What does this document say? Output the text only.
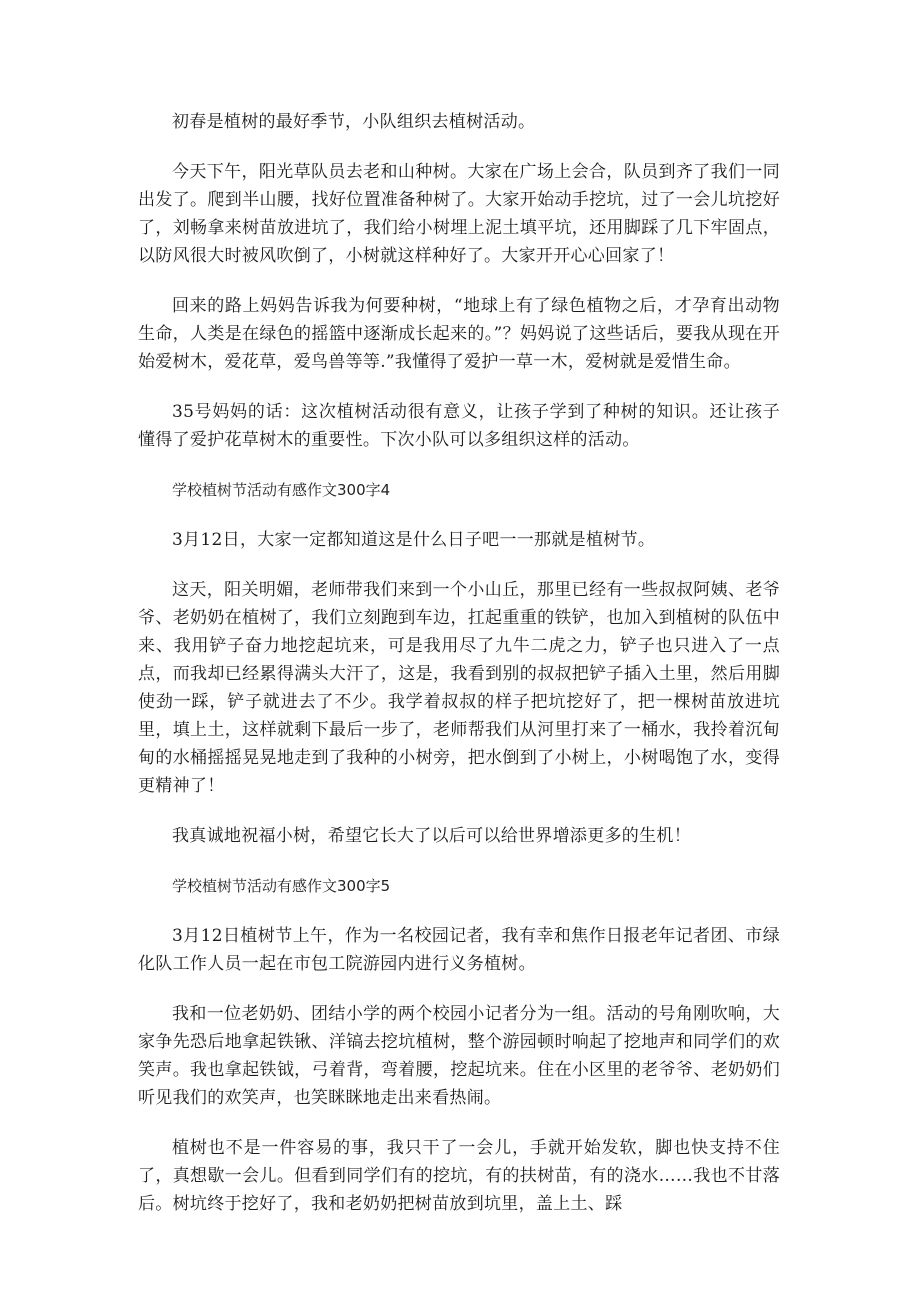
初春是植树的最好季节，小队组织去植树活动。

今天下午，阳光草队员去老和山种树。大家在广场上会合，队员到齐了我们一同出发了。爬到半山腰，找好位置准备种树了。大家开始动手挖坑，过了一会儿坑挖好了，刘畅拿来树苗放进坑了，我们给小树埋上泥土填平坑，还用脚踩了几下牢固点，以防风很大时被风吹倒了，小树就这样种好了。大家开开心心回家了！

回来的路上妈妈告诉我为何要种树，“地球上有了绿色植物之后，才孕育出动物生命，人类是在绿色的摇篮中逐渐成长起来的。”？妈妈说了这些话后，要我从现在开始爱树木，爱花草，爱鸟兽等等.”我懂得了爱护一草一木，爱树就是爱惜生命。

35号妈妈的话：这次植树活动很有意义，让孩子学到了种树的知识。还让孩子懂得了爱护花草树木的重要性。下次小队可以多组织这样的活动。

学校植树节活动有感作文300字4

3月12日，大家一定都知道这是什么日子吧一一那就是植树节。

这天，阳关明媚，老师带我们来到一个小山丘，那里已经有一些叔叔阿姨、老爷爷、老奶奶在植树了，我们立刻跑到车边，扛起重重的铁铲，也加入到植树的队伍中来、我用铲子奋力地挖起坑来，可是我用尽了九牛二虎之力，铲子也只进入了一点点，而我却已经累得满头大汗了，这是，我看到别的叔叔把铲子插入土里，然后用脚使劲一踩，铲子就进去了不少。我学着叔叔的样子把坑挖好了，把一棵树苗放进坑里，填上土，这样就剩下最后一步了，老师帮我们从河里打来了一桶水，我拎着沉甸甸的水桶摇摇晃晃地走到了我种的小树旁，把水倒到了小树上，小树喝饱了水，变得更精神了！

我真诚地祝福小树，希望它长大了以后可以给世界增添更多的生机！

学校植树节活动有感作文300字5

3月12日植树节上午，作为一名校园记者，我有幸和焦作日报老年记者团、市绿化队工作人员一起在市包工院游园内进行义务植树。

我和一位老奶奶、团结小学的两个校园小记者分为一组。活动的号角刚吹响，大家争先恐后地拿起铁锹、洋镐去挖坑植树，整个游园顿时响起了挖地声和同学们的欢笑声。我也拿起铁钺，弓着背，弯着腰，挖起坑来。住在小区里的老爷爷、老奶奶们听见我们的欢笑声，也笑眯眯地走出来看热闹。

植树也不是一件容易的事，我只干了一会儿，手就开始发软，脚也快支持不住了，真想歇一会儿。但看到同学们有的挖坑，有的扶树苗，有的浇水……我也不甘落后。树坑终于挖好了，我和老奶奶把树苗放到坑里，盖上土、踩
